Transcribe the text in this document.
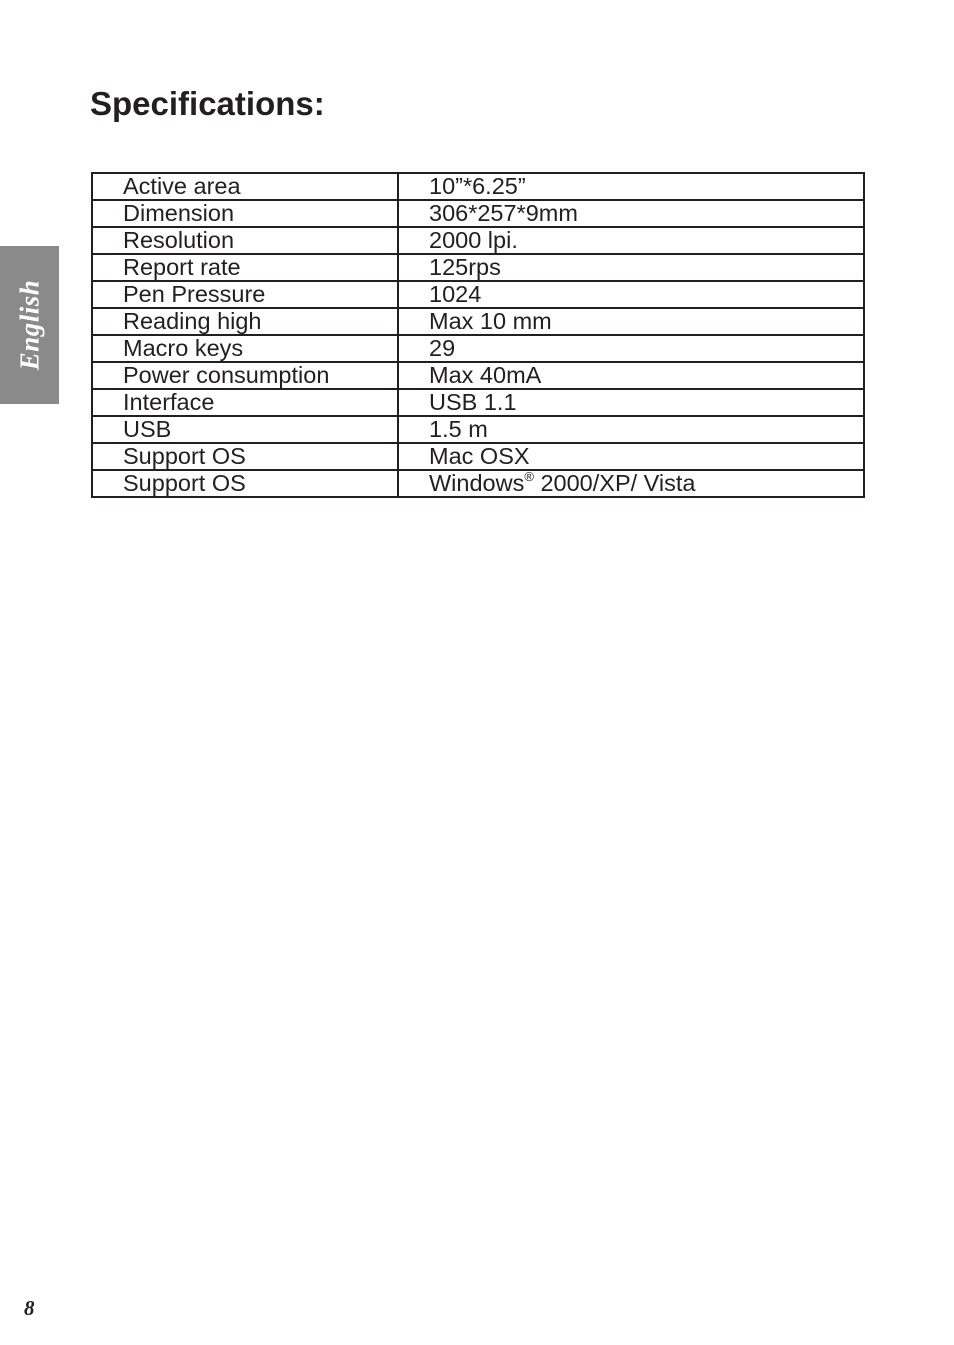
English
Specifications:
Active area	10”*6.25”
Dimension	306*257*9mm
Resolution	2000 lpi.
Report rate	125rps
Pen Pressure	1024
Reading high	Max 10 mm
Macro keys	29
Power consumption	Max 40mA
Interface	USB 1.1
USB	1.5 m
Support OS	Mac OSX
Support OS	Windows® 2000/XP/ Vista
8
